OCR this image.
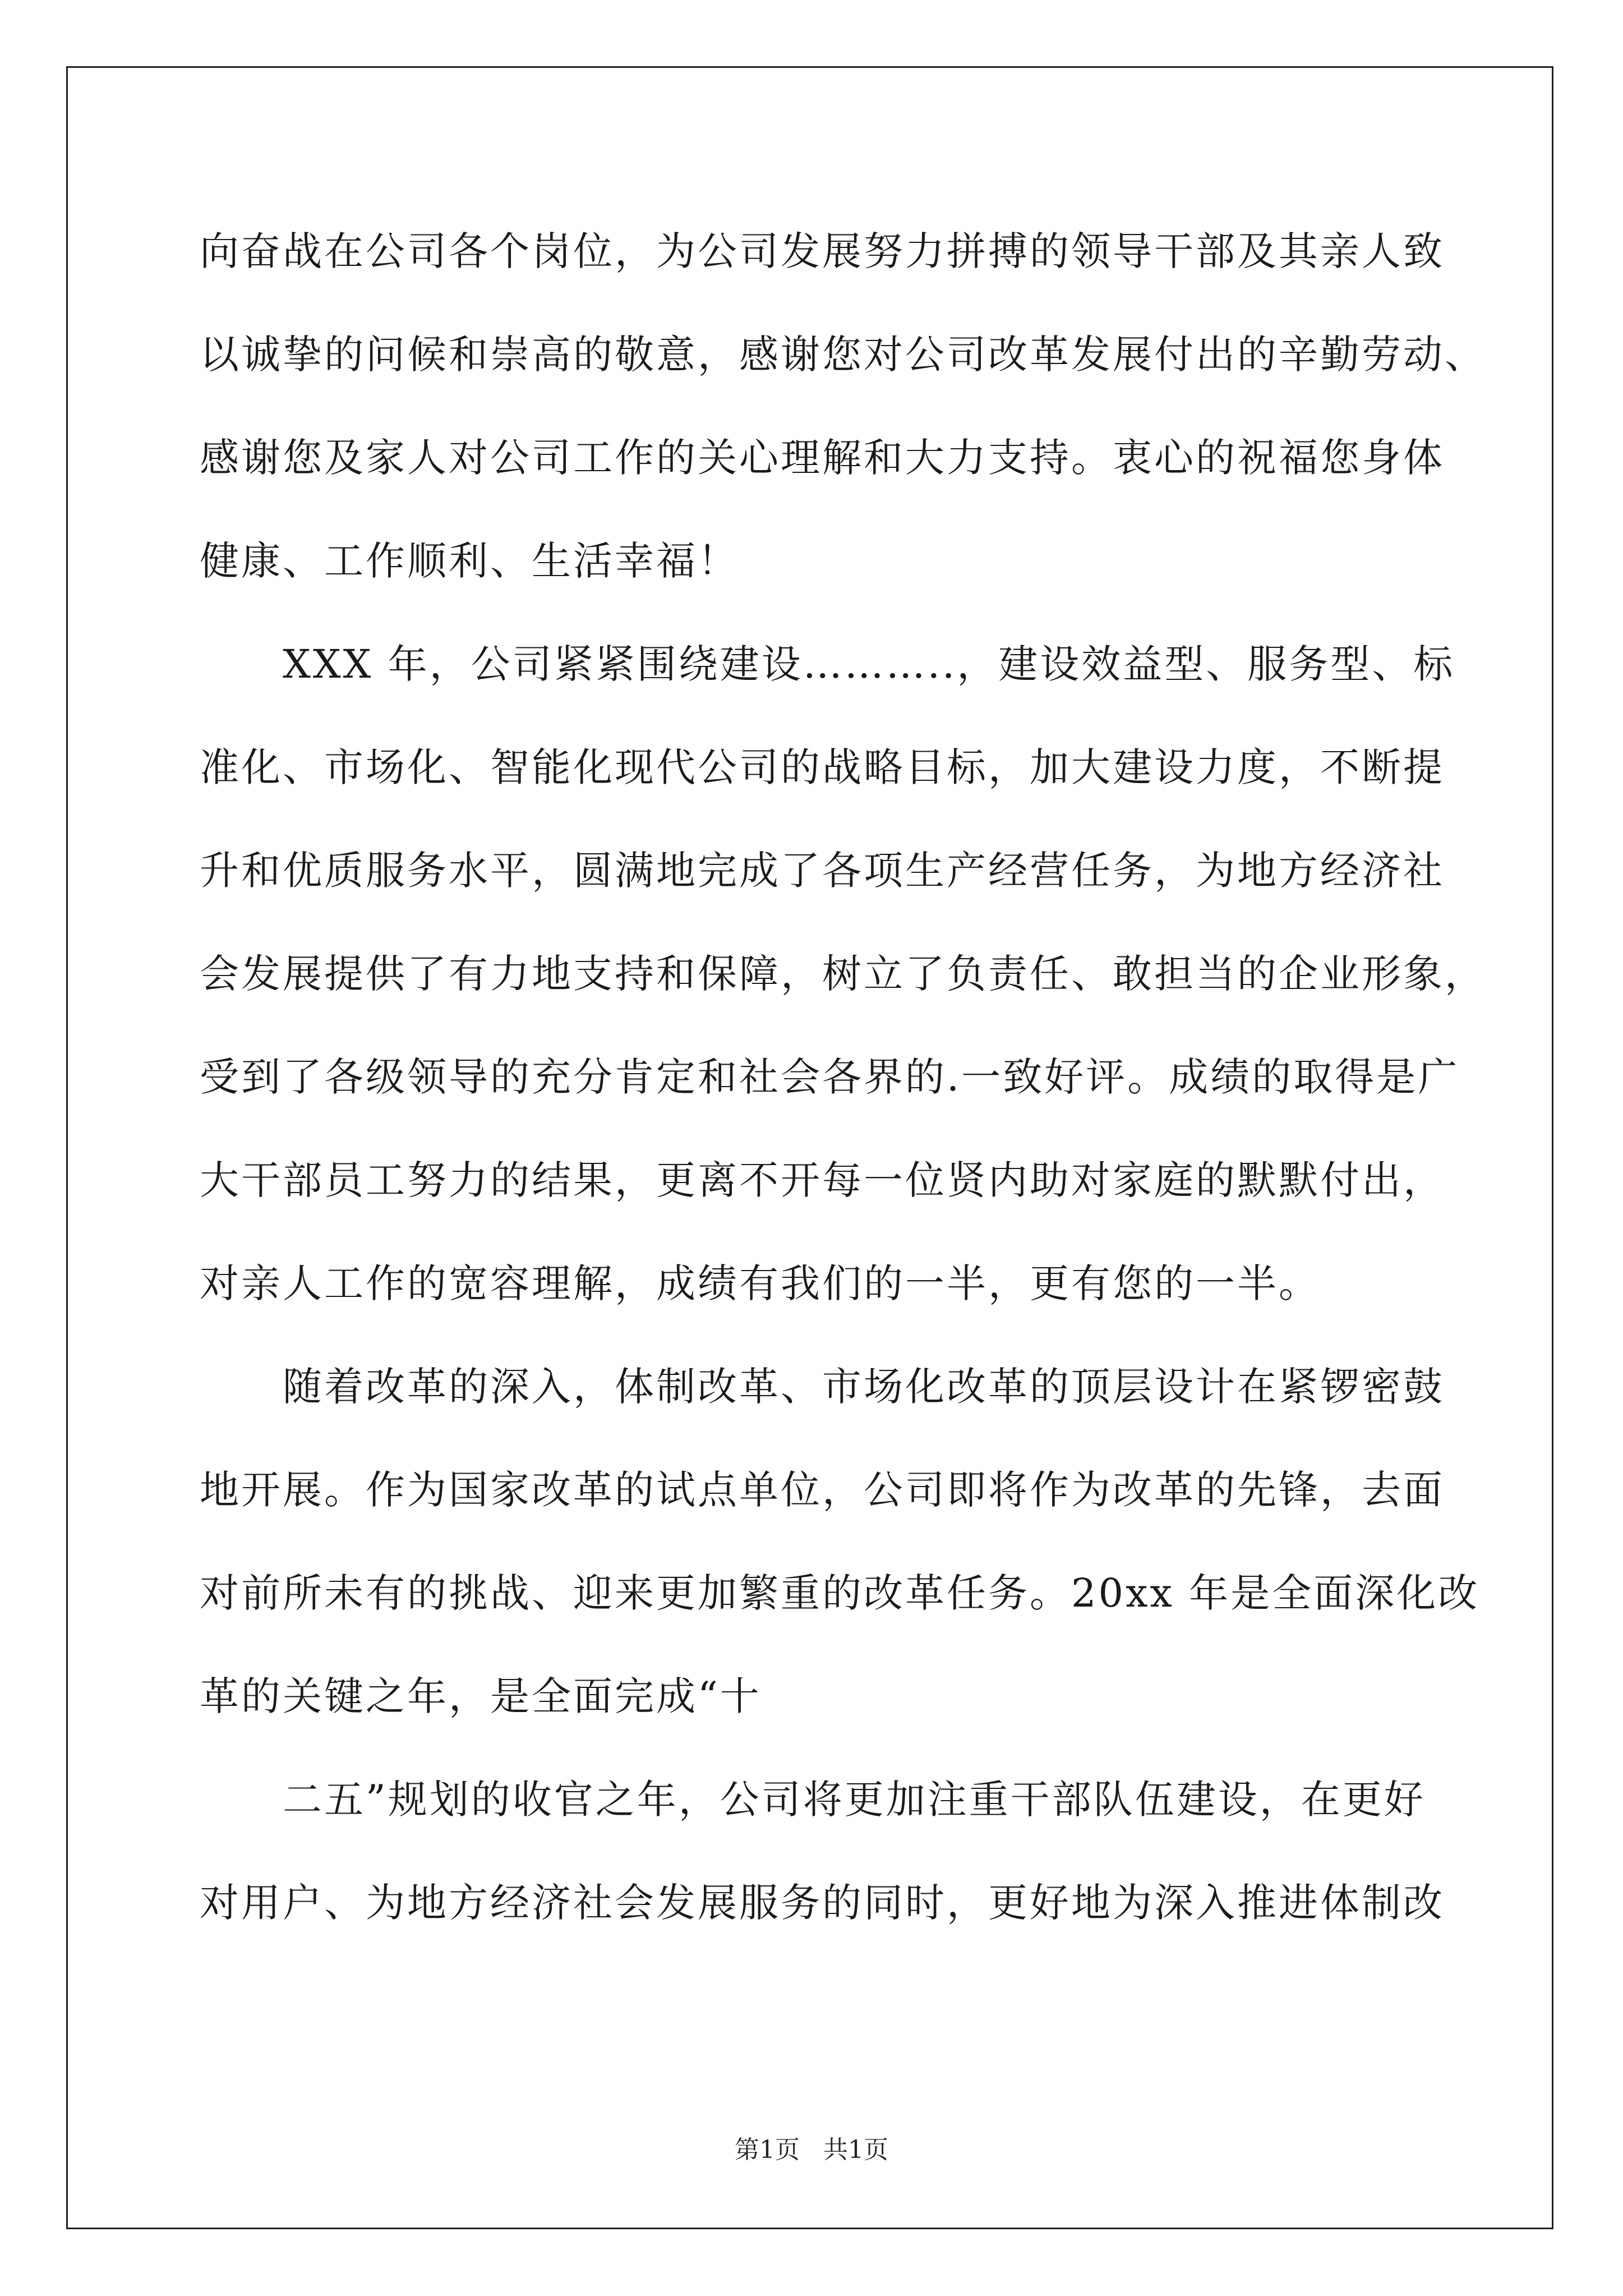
向奋战在公司各个岗位，为公司发展努力拼搏的领导干部及其亲人致
以诚挚的问候和崇高的敬意，感谢您对公司改革发展付出的辛勤劳动、
感谢您及家人对公司工作的关心理解和大力支持。衷心的祝福您身体
健康、工作顺利、生活幸福！
XXX 年，公司紧紧围绕建设………..，建设效益型、服务型、标
准化、市场化、智能化现代公司的战略目标，加大建设力度，不断提
升和优质服务水平，圆满地完成了各项生产经营任务，为地方经济社
会发展提供了有力地支持和保障，树立了负责任、敢担当的企业形象，
受到了各级领导的充分肯定和社会各界的.一致好评。成绩的取得是广
大干部员工努力的结果，更离不开每一位贤内助对家庭的默默付出，
对亲人工作的宽容理解，成绩有我们的一半，更有您的一半。
随着改革的深入，体制改革、市场化改革的顶层设计在紧锣密鼓
地开展。作为国家改革的试点单位，公司即将作为改革的先锋，去面
对前所未有的挑战、迎来更加繁重的改革任务。20xx 年是全面深化改
革的关键之年，是全面完成“十
二五”规划的收官之年，公司将更加注重干部队伍建设，在更好
对用户、为地方经济社会发展服务的同时，更好地为深入推进体制改
第1页   共1页
